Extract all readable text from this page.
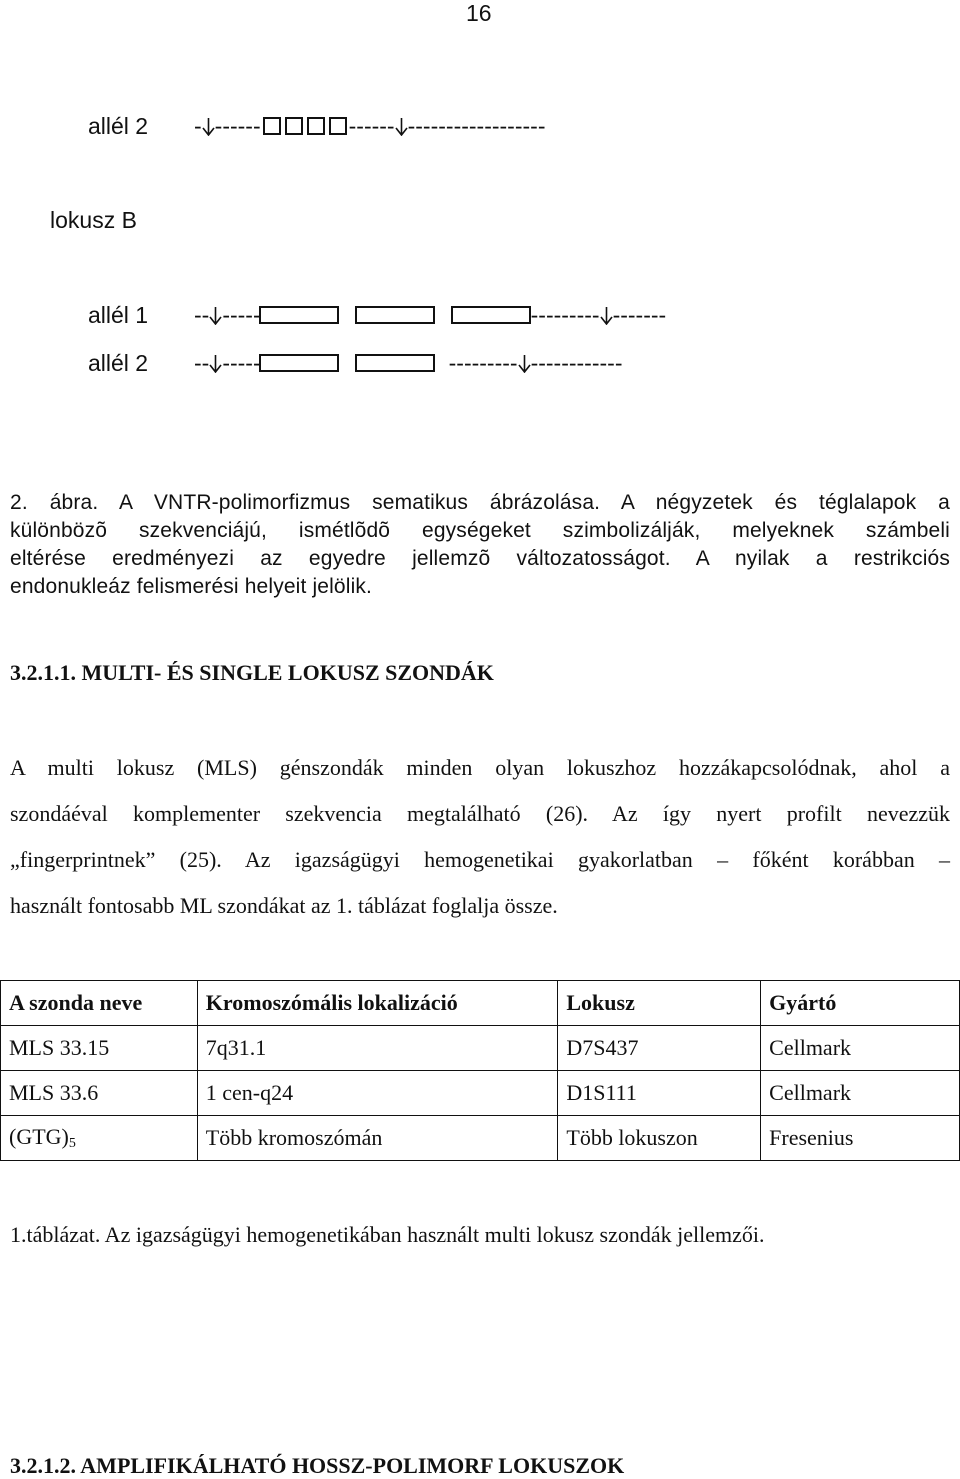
16
allél 2 - ------	------ ------------------
lokusz B
allél 1 -- -----	--------- -------
allél 2 -- -----	--------- ------------
2. ábra. A VNTR-polimorfizmus sematikus ábrázolása. A négyzetek és téglalapok a
különbözõ szekvenciájú, ismétlõdõ egységeket szimbolizálják, melyeknek számbeli
eltérése eredményezi az egyedre jellemzõ változatosságot. A nyilak a restrikciós
endonukleáz felismerési helyeit jelölik.
3.2.1.1. MULTI- ÉS SINGLE LOKUSZ SZONDÁK
A multi lokusz (MLS) génszondák minden olyan lokuszhoz hozzákapcsolódnak, ahol a
szondáéval komplementer szekvencia megtalálható (26). Az így nyert profilt nevezzük
„fingerprintnek” (25). Az igazságügyi hemogenetikai gyakorlatban – főként korábban –
használt fontosabb ML szondákat az 1. táblázat foglalja össze.
A szonda neve	Kromoszómális lokalizáció	Lokusz	Gyártó
MLS 33.15	7q31.1	D7S437	Cellmark
MLS 33.6	1 cen-q24	D1S111	Cellmark
$(GTG)_5$	Több kromoszómán	Több lokuszon	Fresenius
1.táblázat. Az igazságügyi hemogenetikában használt multi lokusz szondák jellemzői.
3.2.1.2. AMPLIFIKÁLHATÓ HOSSZ-POLIMORF LOKUSZOK
